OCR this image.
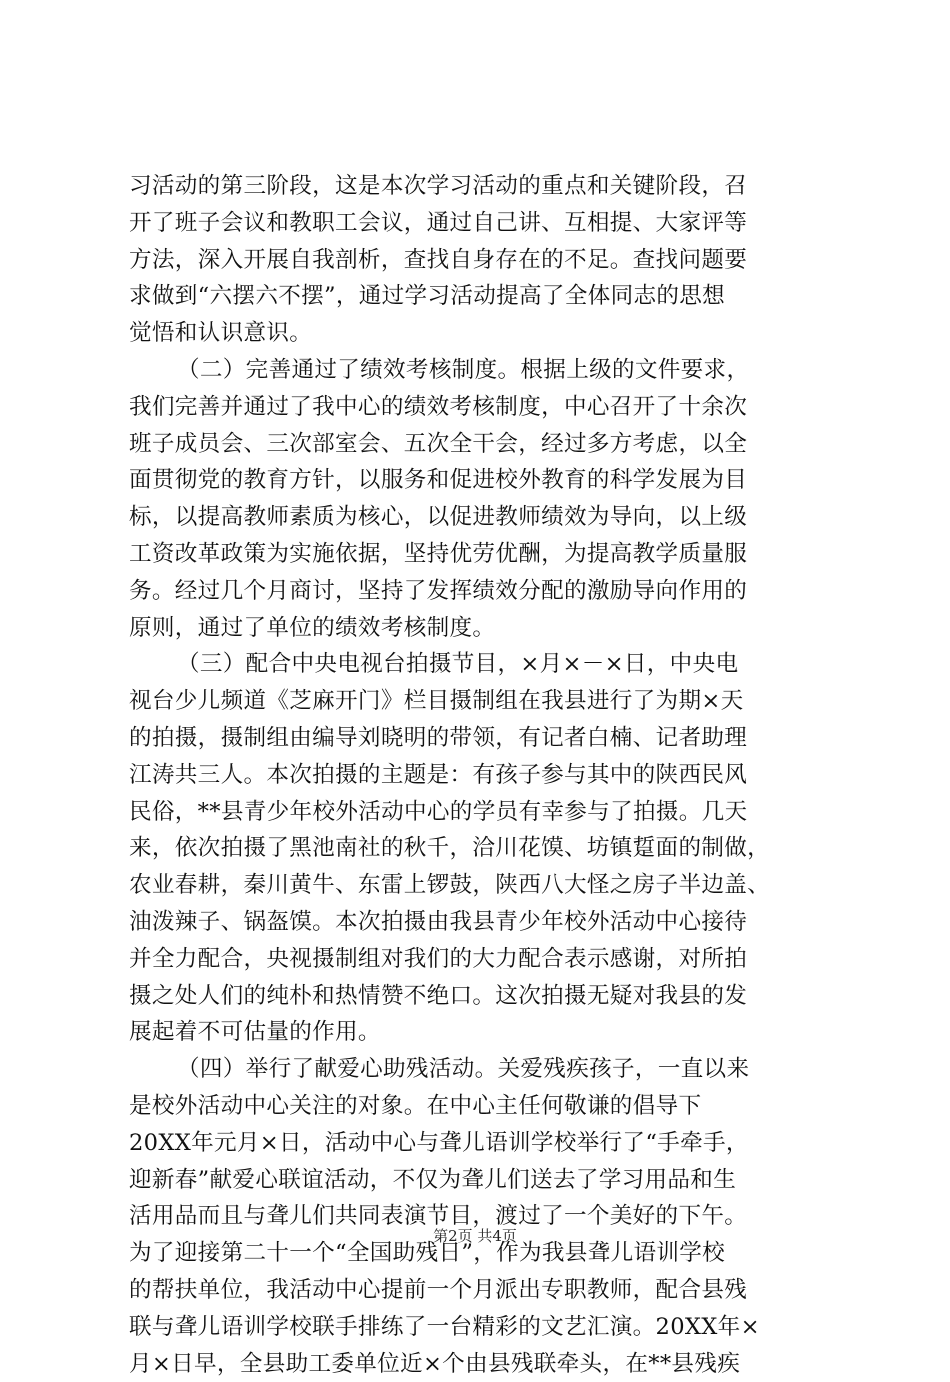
习活动的第三阶段，这是本次学习活动的重点和关键阶段，召
开了班子会议和教职工会议，通过自己讲、互相提、大家评等
方法，深入开展自我剖析，查找自身存在的不足。查找问题要
求做到“六摆六不摆”，通过学习活动提高了全体同志的思想
觉悟和认识意识。
（二）完善通过了绩效考核制度。根据上级的文件要求，
我们完善并通过了我中心的绩效考核制度，中心召开了十余次
班子成员会、三次部室会、五次全干会，经过多方考虑，以全
面贯彻党的教育方针，以服务和促进校外教育的科学发展为目
标，以提高教师素质为核心，以促进教师绩效为导向，以上级
工资改革政策为实施依据，坚持优劳优酬，为提高教学质量服
务。经过几个月商讨，坚持了发挥绩效分配的激励导向作用的
原则，通过了单位的绩效考核制度。
（三）配合中央电视台拍摄节目，×月×－×日，中央电
视台少儿频道《芝麻开门》栏目摄制组在我县进行了为期×天
的拍摄，摄制组由编导刘晓明的带领，有记者白楠、记者助理
江涛共三人。本次拍摄的主题是：有孩子参与其中的陕西民风
民俗，**县青少年校外活动中心的学员有幸参与了拍摄。几天
来，依次拍摄了黑池南社的秋千，洽川花馍、坊镇踅面的制做，
农业春耕，秦川黄牛、东雷上锣鼓，陕西八大怪之房子半边盖、
油泼辣子、锅盔馍。本次拍摄由我县青少年校外活动中心接待
并全力配合，央视摄制组对我们的大力配合表示感谢，对所拍
摄之处人们的纯朴和热情赞不绝口。这次拍摄无疑对我县的发
展起着不可估量的作用。
（四）举行了献爱心助残活动。关爱残疾孩子，一直以来
是校外活动中心关注的对象。在中心主任何敬谦的倡导下
20XX年元月×日，活动中心与聋儿语训学校举行了“手牵手，
迎新春”献爱心联谊活动，不仅为聋儿们送去了学习用品和生
活用品而且与聋儿们共同表演节目，渡过了一个美好的下午。
为了迎接第二十一个“全国助残日”，作为我县聋儿语训学校
的帮扶单位，我活动中心提前一个月派出专职教师，配合县残
联与聋儿语训学校联手排练了一台精彩的文艺汇演。20XX年×
月×日早，全县助工委单位近×个由县残联牵头，在**县残疾
第2页 共4页
